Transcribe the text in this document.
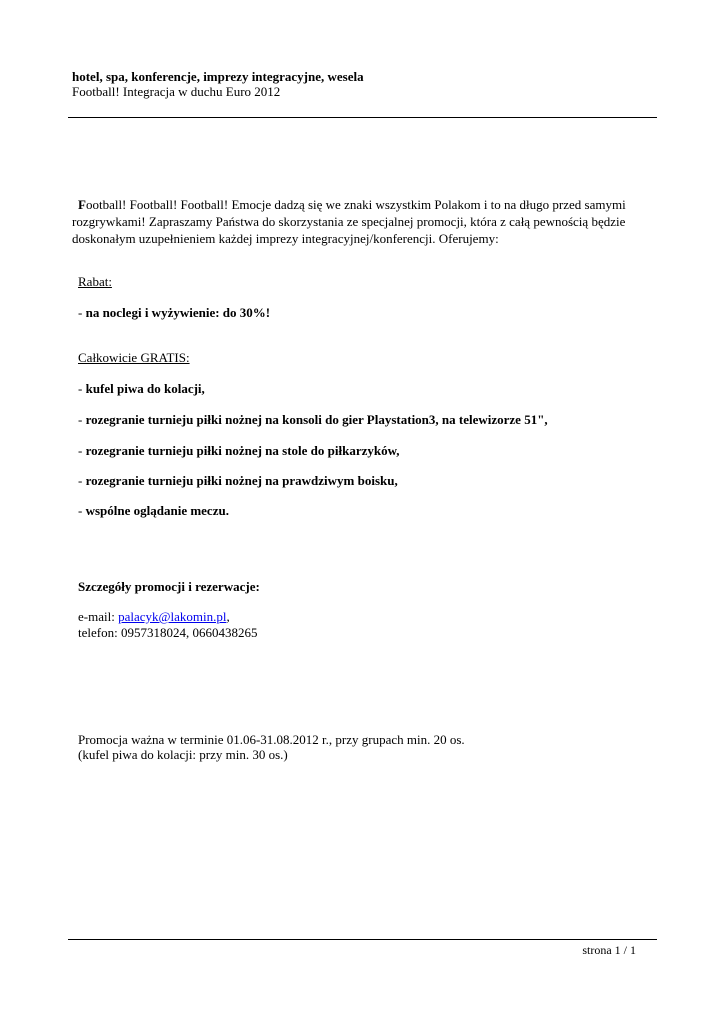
hotel, spa, konferencje, imprezy integracyjne, wesela
Football! Integracja w duchu Euro 2012
Football! Football! Football! Emocje dadzą się we znaki wszystkim Polakom i to na długo przed samymi rozgrywkami! Zapraszamy Państwa do skorzystania ze specjalnej promocji, która z całą pewnością będzie doskonałym uzupełnieniem każdej imprezy integracyjnej/konferencji. Oferujemy:
Rabat:
- na noclegi i wyżywienie: do 30%!
Całkowicie GRATIS:
- kufel piwa do kolacji,
- rozegranie turnieju piłki nożnej na konsoli do gier Playstation3, na telewizorze 51",
- rozegranie turnieju piłki nożnej na stole do piłkarzyków,
- rozegranie turnieju piłki nożnej na prawdziwym boisku,
- wspólne oglądanie meczu.
Szczegóły promocji i rezerwacje:
e-mail: palacyk@lakomin.pl,
telefon: 0957318024, 0660438265
Promocja ważna w terminie 01.06-31.08.2012 r., przy grupach min. 20 os.
(kufel piwa do kolacji: przy min. 30 os.)
strona 1 / 1
